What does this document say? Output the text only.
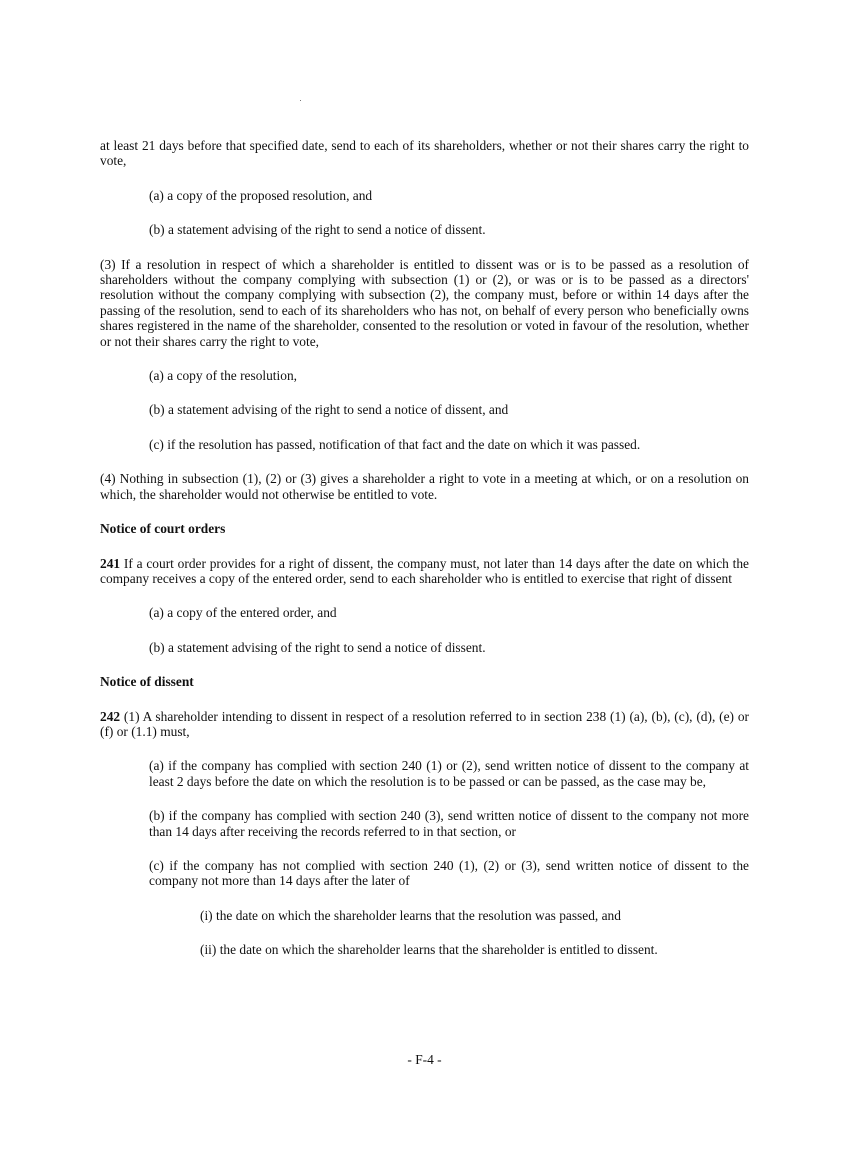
at least 21 days before that specified date, send to each of its shareholders, whether or not their shares carry the right to vote,

(a) a copy of the proposed resolution, and

(b) a statement advising of the right to send a notice of dissent.

(3) If a resolution in respect of which a shareholder is entitled to dissent was or is to be passed as a resolution of shareholders without the company complying with subsection (1) or (2), or was or is to be passed as a directors' resolution without the company complying with subsection (2), the company must, before or within 14 days after the passing of the resolution, send to each of its shareholders who has not, on behalf of every person who beneficially owns shares registered in the name of the shareholder, consented to the resolution or voted in favour of the resolution, whether or not their shares carry the right to vote,

(a) a copy of the resolution,

(b) a statement advising of the right to send a notice of dissent, and

(c) if the resolution has passed, notification of that fact and the date on which it was passed.

(4) Nothing in subsection (1), (2) or (3) gives a shareholder a right to vote in a meeting at which, or on a resolution on which, the shareholder would not otherwise be entitled to vote.

Notice of court orders

241 If a court order provides for a right of dissent, the company must, not later than 14 days after the date on which the company receives a copy of the entered order, send to each shareholder who is entitled to exercise that right of dissent

(a) a copy of the entered order, and

(b) a statement advising of the right to send a notice of dissent.

Notice of dissent

242 (1) A shareholder intending to dissent in respect of a resolution referred to in section 238 (1) (a), (b), (c), (d), (e) or (f) or (1.1) must,

(a) if the company has complied with section 240 (1) or (2), send written notice of dissent to the company at least 2 days before the date on which the resolution is to be passed or can be passed, as the case may be,

(b) if the company has complied with section 240 (3), send written notice of dissent to the company not more than 14 days after receiving the records referred to in that section, or

(c) if the company has not complied with section 240 (1), (2) or (3), send written notice of dissent to the company not more than 14 days after the later of

(i) the date on which the shareholder learns that the resolution was passed, and

(ii) the date on which the shareholder learns that the shareholder is entitled to dissent.

- F-4 -
